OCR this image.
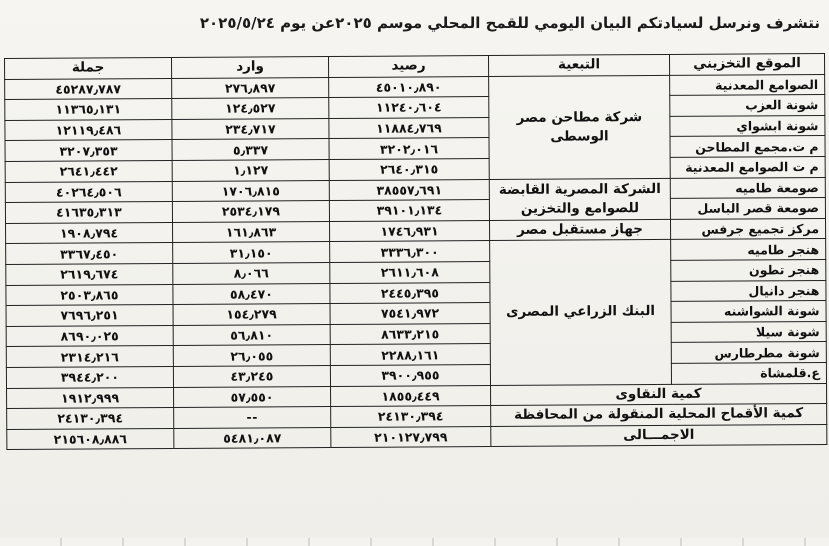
نتشرف ونرسل لسيادتكم البيان اليومي للقمح المحلي موسم ٢٠٢٥عن يوم ٢٠٢٥/٥/٢٤
الموقع التخزيني	التبعية	رصيد	وارد	جملة
الصوامع المعدنية	شركة مطاحن مصر الوسطى	٤٥٠١٠٫٨٩٠	٢٧٦٫٨٩٧	٤٥٢٨٧٫٧٨٧
شونة العزب		١١٢٤٠٫٦٠٤	١٢٤٫٥٢٧	١١٣٦٥٫١٣١
شونة ابشواي		١١٨٨٤٫٧٦٩	٢٣٤٫٧١٧	١٢١١٩٫٤٨٦
م ت.مجمع المطاحن		٣٢٠٢٫٠١٦	٥٫٣٣٧	٣٢٠٧٫٣٥٣
م ت الصوامع المعدنية		٢٦٤٠٫٣١٥	١٫١٢٧	٢٦٤١٫٤٤٢
صومعة طاميه	الشركة المصرية القابضة للصوامع والتخزين	٣٨٥٥٧٫٦٩١	١٧٠٦٫٨١٥	٤٠٢٦٤٫٥٠٦
صومعة قصر الباسل		٣٩١٠١٫١٣٤	٢٥٣٤٫١٧٩	٤١٦٣٥٫٣١٣
مركز تجميع جرفس	جهاز مستقبل مصر	١٧٤٦٫٩٣١	١٦١٫٨٦٣	١٩٠٨٫٧٩٤
هنجر طاميه	البنك الزراعي المصرى	٣٣٣٦٫٣٠٠	٣١٫١٥٠	٣٣٦٧٫٤٥٠
هنجر تطون		٢٦١١٫٦٠٨	٨٫٠٦٦	٢٦١٩٫٦٧٤
هنجر دانيال		٢٤٤٥٫٣٩٥	٥٨٫٤٧٠	٢٥٠٣٫٨٦٥
شونة الشواشنه		٧٥٤١٫٩٧٢	١٥٤٫٢٧٩	٧٦٩٦٫٢٥١
شونة سيلا		٨٦٣٣٫٢١٥	٥٦٫٨١٠	٨٦٩٠٫٠٢٥
شونة مطرطارس		٢٢٨٨٫١٦١	٢٦٫٠٥٥	٢٣١٤٫٢١٦
ع.قلمشاة		٣٩٠٠٫٩٥٥	٤٣٫٢٤٥	٣٩٤٤٫٢٠٠
كمية النقاوى		١٨٥٥٫٤٤٩	٥٧٫٥٥٠	١٩١٢٫٩٩٩
كمية الأقماح المحلية المنقولة من المحافظة		٢٤١٣٠٫٣٩٤	--	٢٤١٣٠٫٣٩٤
الاجمـــالى		٢١٠١٢٧٫٧٩٩	٥٤٨١٫٠٨٧	٢١٥٦٠٨٫٨٨٦
